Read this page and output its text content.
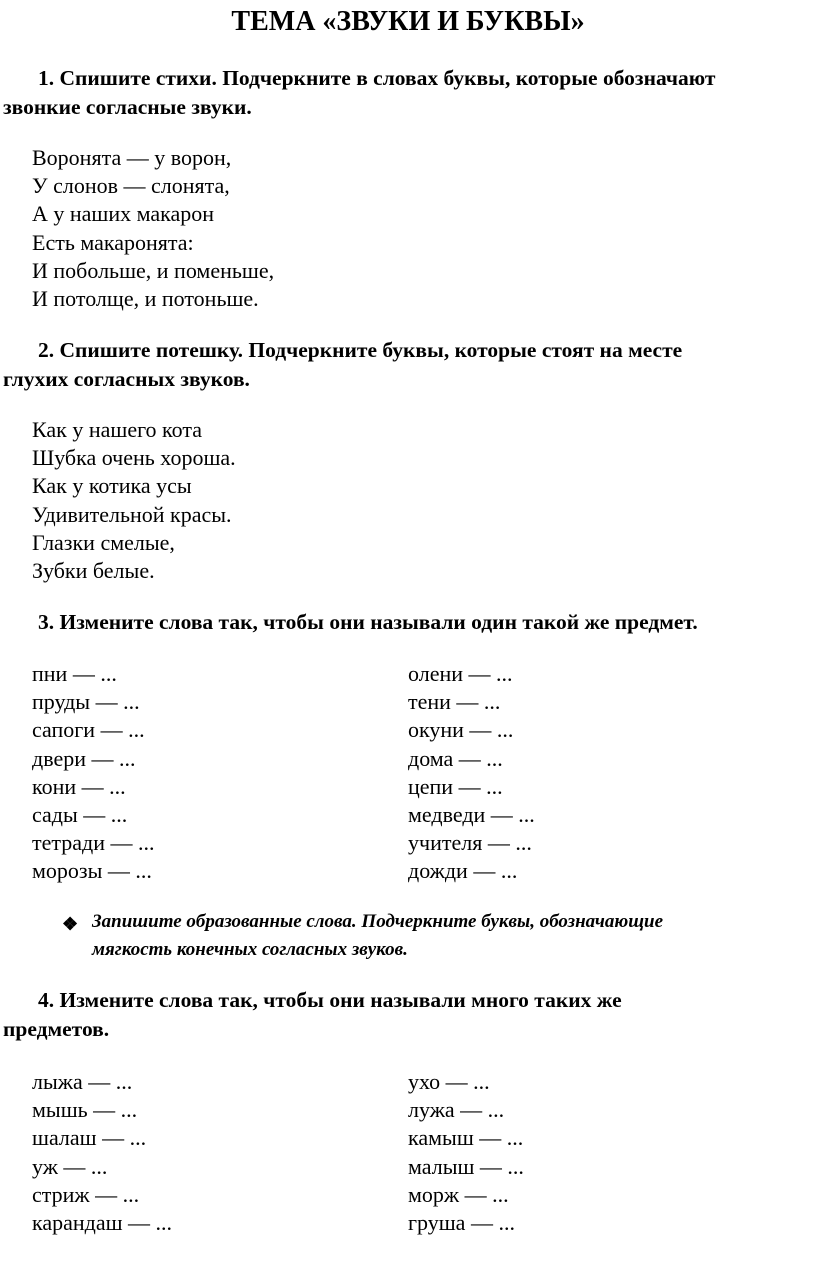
ТЕМА «ЗВУКИ И БУКВЫ»
1. Спишите стихи. Подчеркните в словах буквы, которые обозначают
звонкие согласные звуки.
Воронята — у ворон,
У слонов — слонята,
А у наших макарон
Есть макаронята:
И побольше, и поменьше,
И потолще, и потоньше.
2. Спишите потешку. Подчеркните буквы, которые стоят на месте
глухих согласных звуков.
Как у нашего кота
Шубка очень хороша.
Как у котика усы
Удивительной красы.
Глазки смелые,
Зубки белые.
3. Измените слова так, чтобы они называли один такой же предмет.
пни — ...	олени — ...
пруды — ...	тени — ...
сапоги — ...	окуни — ...
двери — ...	дома — ...
кони — ...	цепи — ...
сады — ...	медведи — ...
тетради — ...	учителя — ...
морозы — ...	дожди — ...
❖ Запишите образованные слова. Подчеркните буквы, обозначающие
мягкость конечных согласных звуков.
4. Измените слова так, чтобы они называли много таких же
предметов.
лыжа — ...	ухо — ...
мышь — ...	лужа — ...
шалаш — ...	камыш — ...
уж — ...	малыш — ...
стриж — ...	морж — ...
карандаш — ...	груша — ...
